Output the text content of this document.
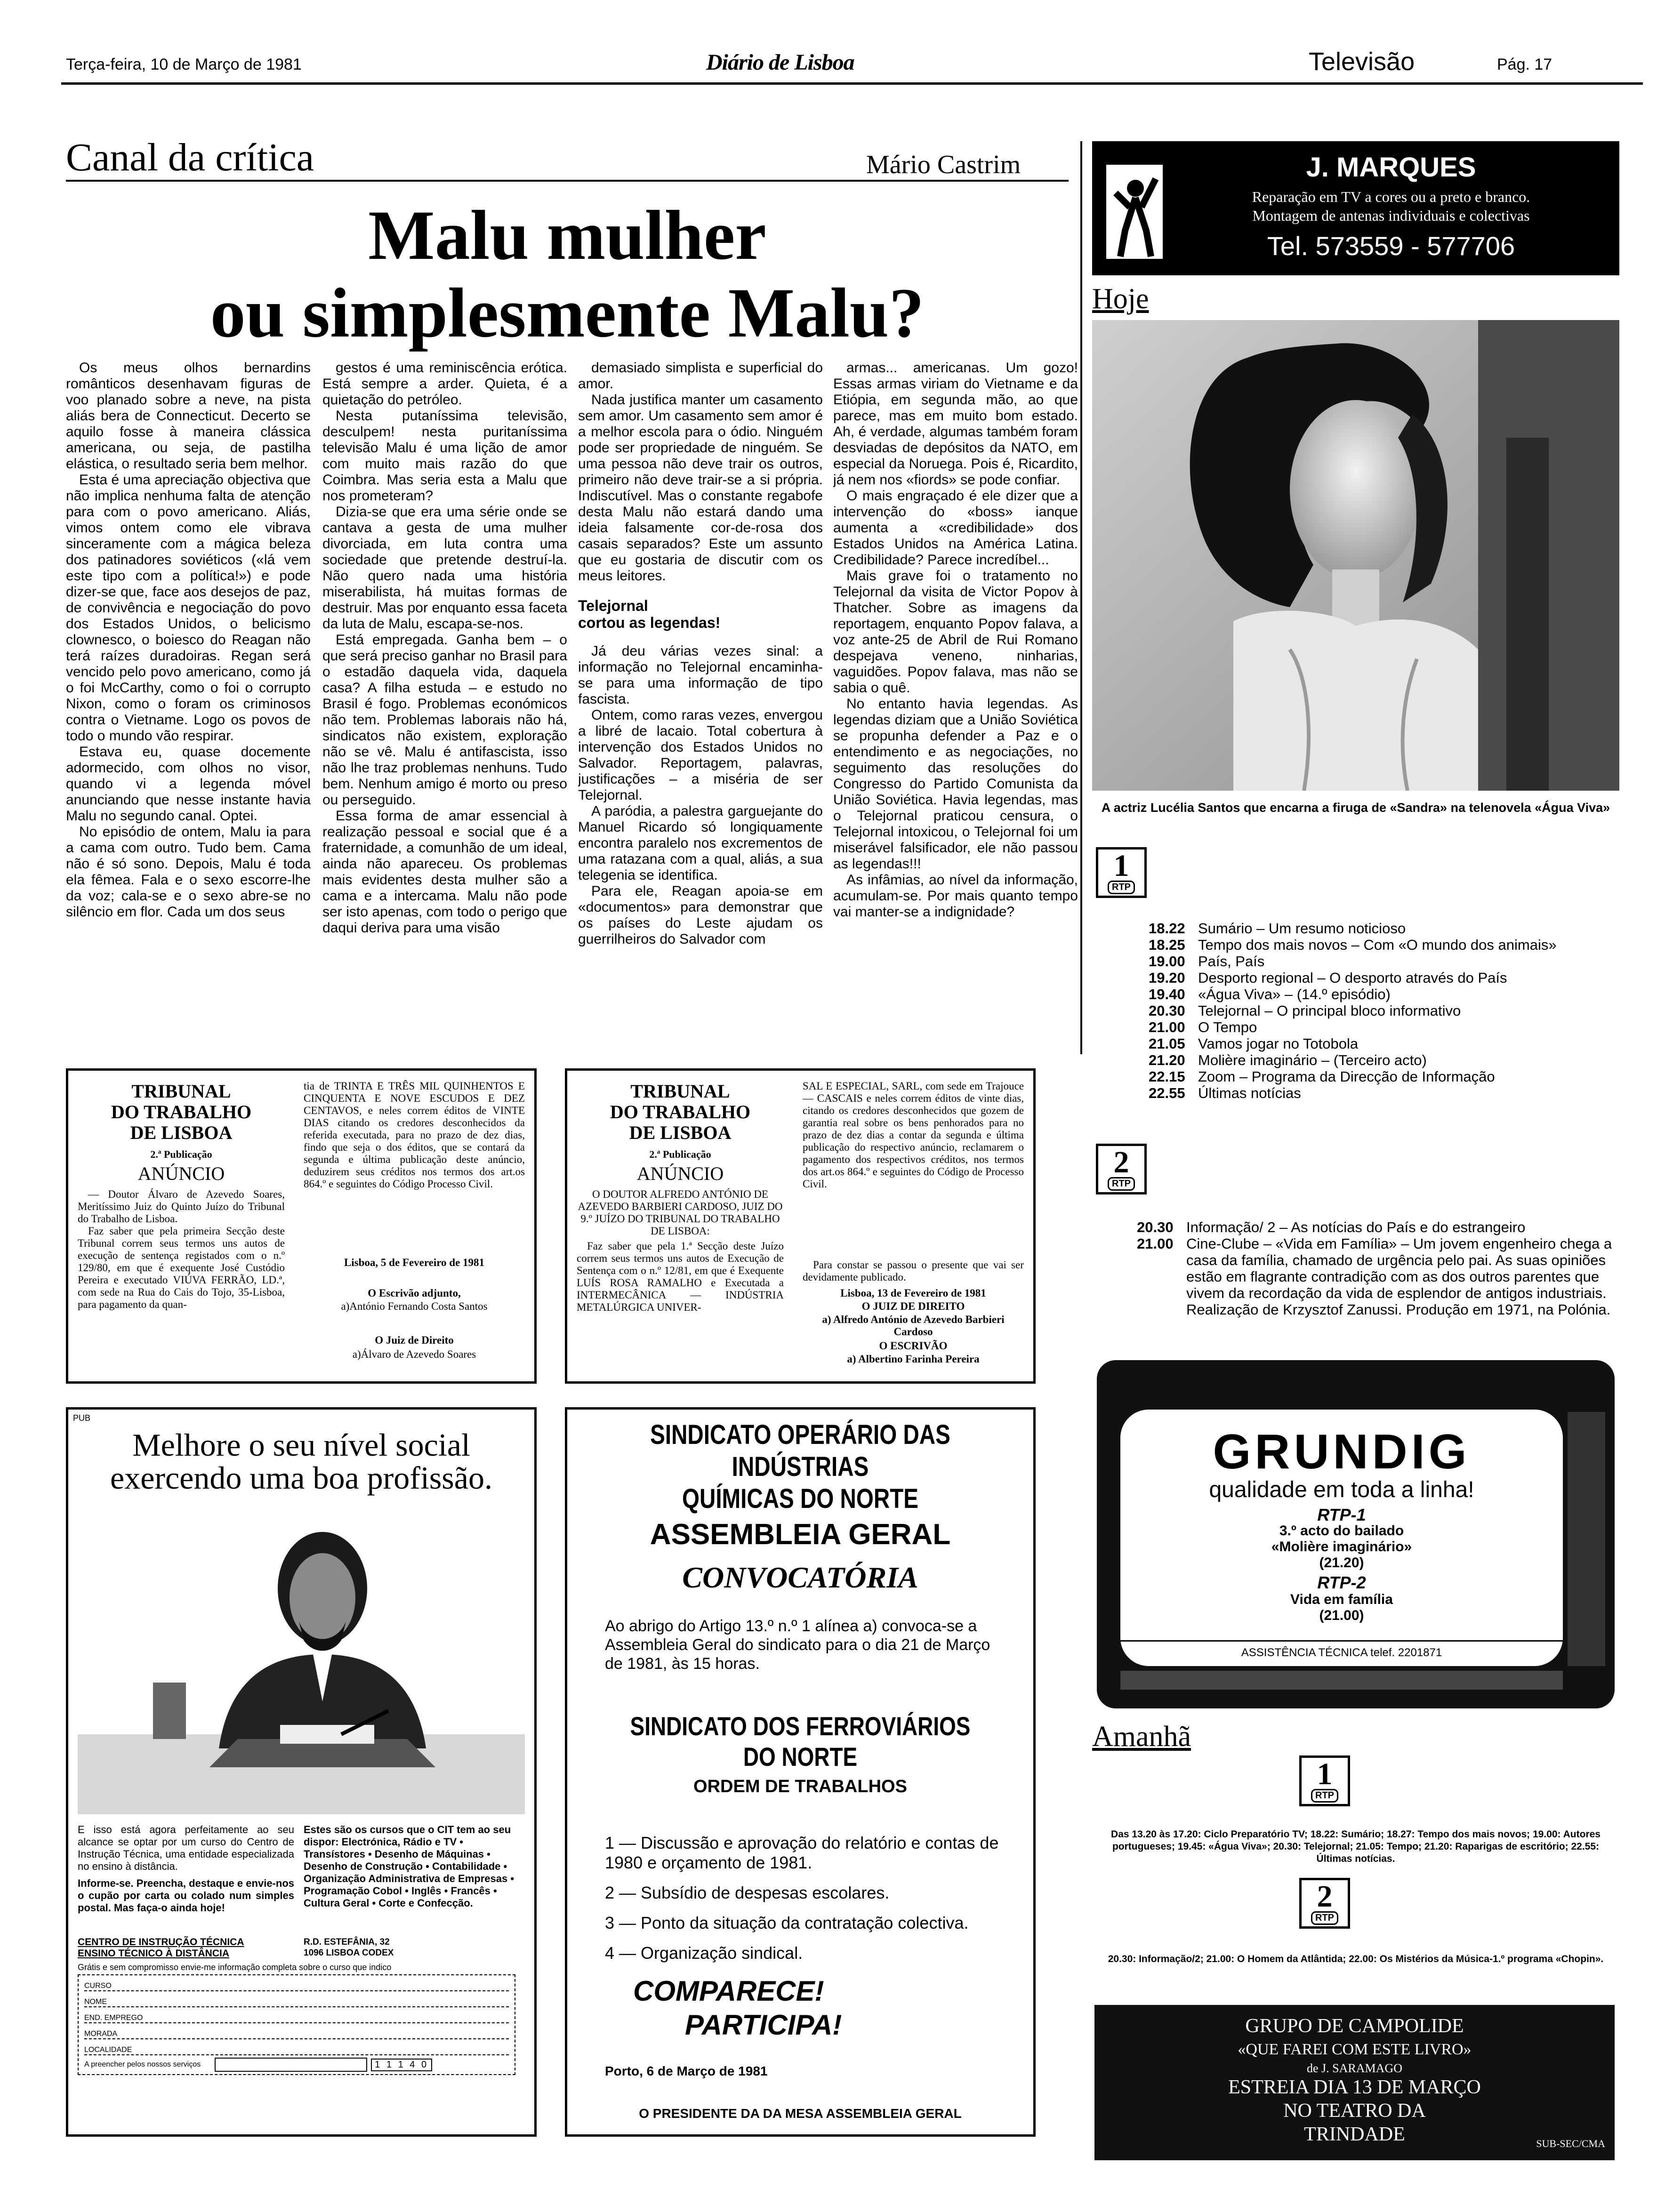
Terça-feira, 10 de Março de 1981	Diário de Lisboa	Televisão	Pág. 17
Canal da crítica	Mário Castrim
Malu mulher
ou simplesmente Malu?

Os meus olhos bernardins românticos desenhavam figuras de voo planado sobre a neve, na pista aliás bera de Connecticut. Decerto se aquilo fosse à maneira clássica americana, ou seja, de pastilha elástica, o resultado seria bem melhor.

Esta é uma apreciação objectiva que não implica nenhuma falta de atenção para com o povo americano. Aliás, vimos ontem como ele vibrava sinceramente com a mágica beleza dos patinadores soviéticos («lá vem este tipo com a política!») e pode dizer-se que, face aos desejos de paz, de convivência e negociação do povo dos Estados Unidos, o belicismo clownesco, o boiesco do Reagan não terá raízes duradoiras. Regan será vencido pelo povo americano, como já o foi McCarthy, como o foi o corrupto Nixon, como o foram os criminosos contra o Vietname. Logo os povos de todo o mundo vão respirar.

Estava eu, quase docemente adormecido, com olhos no visor, quando vi a legenda móvel anunciando que nesse instante havia Malu no segundo canal. Optei.

No episódio de ontem, Malu ia para a cama com outro. Tudo bem. Cama não é só sono. Depois, Malu é toda ela fêmea. Fala e o sexo escorre-lhe da voz; cala-se e o sexo abre-se no silêncio em flor. Cada um dos seus

gestos é uma reminiscência erótica. Está sempre a arder. Quieta, é a quietação do petróleo.

Nesta putaníssima televisão, desculpem! nesta puritaníssima televisão Malu é uma lição de amor com muito mais razão do que Coimbra. Mas seria esta a Malu que nos prometeram?

Dizia-se que era uma série onde se cantava a gesta de uma mulher divorciada, em luta contra uma sociedade que pretende destruí-la. Não quero nada uma história miserabilista, há muitas formas de destruir. Mas por enquanto essa faceta da luta de Malu, escapa-se-nos.

Está empregada. Ganha bem – o que será preciso ganhar no Brasil para o estadão daquela vida, daquela casa? A filha estuda – e estudo no Brasil é fogo. Problemas económicos não tem. Problemas laborais não há, sindicatos não existem, exploração não se vê. Malu é antifascista, isso não lhe traz problemas nenhuns. Tudo bem. Nenhum amigo é morto ou preso ou perseguido.

Essa forma de amar essencial à realização pessoal e social que é a fraternidade, a comunhão de um ideal, ainda não apareceu. Os problemas mais evidentes desta mulher são a cama e a intercama. Malu não pode ser isto apenas, com todo o perigo que daqui deriva para uma visão

demasiado simplista e superficial do amor.

Nada justifica manter um casamento sem amor. Um casamento sem amor é a melhor escola para o ódio. Ninguém pode ser propriedade de ninguém. Se uma pessoa não deve trair os outros, primeiro não deve trair-se a si própria. Indiscutível. Mas o constante regabofe desta Malu não estará dando uma ideia falsamente cor-de-rosa dos casais separados? Este um assunto que eu gostaria de discutir com os meus leitores.

Telejornal
cortou as legendas!

Já deu várias vezes sinal: a informação no Telejornal encaminha-se para uma informação de tipo fascista.

Ontem, como raras vezes, envergou a libré de lacaio. Total cobertura à intervenção dos Estados Unidos no Salvador. Reportagem, palavras, justificações – a miséria de ser Telejornal.

A paródia, a palestra garguejante do Manuel Ricardo só longiquamente encontra paralelo nos excrementos de uma ratazana com a qual, aliás, a sua telegenia se identifica.

Para ele, Reagan apoia-se em «documentos» para demonstrar que os países do Leste ajudam os guerrilheiros do Salvador com

armas... americanas. Um gozo! Essas armas viriam do Vietname e da Etiópia, em segunda mão, ao que parece, mas em muito bom estado. Ah, é verdade, algumas também foram desviadas de depósitos da NATO, em especial da Noruega. Pois é, Ricardito, já nem nos «fiords» se pode confiar.

O mais engraçado é ele dizer que a intervenção do «boss» ianque aumenta a «credibilidade» dos Estados Unidos na América Latina. Credibilidade? Parece incredíbel...

Mais grave foi o tratamento no Telejornal da visita de Victor Popov à Thatcher. Sobre as imagens da reportagem, enquanto Popov falava, a voz ante-25 de Abril de Rui Romano despejava veneno, ninharias, vaguidões. Popov falava, mas não se sabia o quê.

No entanto havia legendas. As legendas diziam que a União Soviética se propunha defender a Paz e o entendimento e as negociações, no seguimento das resoluções do Congresso do Partido Comunista da União Soviética. Havia legendas, mas o Telejornal praticou censura, o Telejornal intoxicou, o Telejornal foi um miserável falsificador, ele não passou as legendas!!!

As infâmias, ao nível da informação, acumulam-se. Por mais quanto tempo vai manter-se a indignidade?

J. MARQUES
Reparação em TV a cores ou a preto e branco.
Montagem de antenas individuais e colectivas
Tel. 573559 - 577706
Hoje
A actriz Lucélia Santos que encarna a firuga de «Sandra» na telenovela «Água Viva»
1
RTP
18.22 Sumário – Um resumo noticioso
18.25 Tempo dos mais novos – Com «O mundo dos animais»
19.00 País, País
19.20 Desporto regional – O desporto através do País
19.40 «Água Viva» – (14.º episódio)
20.30 Telejornal – O principal bloco informativo
21.00 O Tempo
21.05 Vamos jogar no Totobola
21.20 Molière imaginário – (Terceiro acto)
22.15 Zoom – Programa da Direcção de Informação
22.55 Últimas notícias
2
RTP
20.30 Informação/ 2 – As notícias do País e do estrangeiro
21.00 Cine-Clube – «Vida em Família» – Um jovem engenheiro chega a casa da família, chamado de urgência pelo pai. As suas opiniões estão em flagrante contradição com as dos outros parentes que vivem da recordação da vida de esplendor de antigos industriais. Realização de Krzysztof Zanussi. Produção em 1971, na Polónia.
TRIBUNAL
DO TRABALHO
DE LISBOA
2.ª Publicação
ANÚNCIO

— Doutor Álvaro de Azevedo Soares, Meritíssimo Juiz do Quinto Juízo do Tribunal do Trabalho de Lisboa.

Faz saber que pela primeira Secção deste Tribunal correm seus termos uns autos de execução de sentença registados com o n.º 129/80, em que é exequente José Custódio Pereira e executado VIÚVA FERRÃO, LD.ª, com sede na Rua do Cais do Tojo, 35-Lisboa, para pagamento da quan-

tia de TRINTA E TRÊS MIL QUINHENTOS E CINQUENTA E NOVE ESCUDOS E DEZ CENTAVOS, e neles correm éditos de VINTE DIAS citando os credores desconhecidos da referida executada, para no prazo de dez dias, findo que seja o dos éditos, que se contará da segunda e última publicação deste anúncio, deduzirem seus créditos nos termos dos art.os 864.º e seguintes do Código Processo Civil.
Lisboa, 5 de Fevereiro de 1981
O Escrivão adjunto,
a)António Fernando Costa Santos
O Juiz de Direito
a)Álvaro de Azevedo Soares
TRIBUNAL
DO TRABALHO
DE LISBOA
2.ª Publicação
ANÚNCIO
O DOUTOR ALFREDO ANTÓNIO DE AZEVEDO BARBIERI CARDOSO, JUIZ DO 9.º JUÍZO DO TRIBUNAL DO TRABALHO DE LISBOA:
Faz saber que pela 1.ª Secção deste Juízo correm seus termos uns autos de Execução de Sentença com o n.º 12/81, em que é Exequente LUÍS ROSA RAMALHO e Executada a INTERMECÂNICA — INDÚSTRIA METALÚRGICA UNIVER-
SAL E ESPECIAL, SARL, com sede em Trajouce — CASCAIS e neles correm éditos de vinte dias, citando os credores desconhecidos que gozem de garantia real sobre os bens penhorados para no prazo de dez dias a contar da segunda e última publicação do respectivo anúncio, reclamarem o pagamento dos respectivos créditos, nos termos dos art.os 864.º e seguintes do Código de Processo Civil.
Para constar se passou o presente que vai ser devidamente publicado.
Lisboa, 13 de Fevereiro de 1981
O JUIZ DE DIREITO
a) Alfredo António de Azevedo Barbieri Cardoso
O ESCRIVÃO
a) Albertino Farinha Pereira
GRUNDIG
qualidade em toda a linha!
RTP-1
3.º acto do bailado
«Molière imaginário»
(21.20)
RTP-2
Vida em família
(21.00)
ASSISTÊNCIA TÉCNICA telef. 2201871
Amanhã
1
RTP
Das 13.20 às 17.20: Ciclo Preparatório TV; 18.22: Sumário; 18.27: Tempo dos mais novos; 19.00: Autores portugueses; 19.45: «Água Viva»; 20.30: Telejornal; 21.05: Tempo; 21.20: Raparigas de escritório; 22.55: Últimas notícias.
2
RTP
20.30: Informação/2; 21.00: O Homem da Atlântida; 22.00: Os Mistérios da Música-1.º programa «Chopin».
GRUPO DE CAMPOLIDE
«QUE FAREI COM ESTE LIVRO»
de J. SARAMAGO
ESTREIA DIA 13 DE MARÇO
NO TEATRO DA
TRINDADE	SUB-SEC/CMA
PUB
Melhore o seu nível social
exercendo uma boa profissão.
E isso está agora perfeitamente ao seu alcance se optar por um curso do Centro de Instrução Técnica, uma entidade especializada no ensino à distância.
Informe-se. Preencha, destaque e envie-nos o cupão por carta ou colado num simples postal. Mas faça-o ainda hoje!
Estes são os cursos que o CIT tem ao seu dispor: Electrónica, Rádio e TV • Transístores • Desenho de Máquinas • Desenho de Construção • Contabilidade • Organização Administrativa de Empresas • Programação Cobol • Inglês • Francês • Cultura Geral • Corte e Confecção.
CENTRO DE INSTRUÇÃO TÉCNICA
ENSINO TÉCNICO À DISTÂNCIA
R.D. ESTEFÂNIA, 32
1096 LISBOA CODEX
Grátis e sem compromisso envie-me informação completa sobre o curso que indico
CURSO
NOME
END. EMPREGO
MORADA
LOCALIDADE
A preencher pelos nossos serviços	1 1 1 4 0
SINDICATO OPERÁRIO DAS INDÚSTRIAS
QUÍMICAS DO NORTE
ASSEMBLEIA GERAL
CONVOCATÓRIA
Ao abrigo do Artigo 13.º n.º 1 alínea a) convoca-se a Assembleia Geral do sindicato para o dia 21 de Março de 1981, às 15 horas.
SINDICATO DOS FERROVIÁRIOS DO NORTE
ORDEM DE TRABALHOS
1 — Discussão e aprovação do relatório e contas de 1980 e orçamento de 1981.
2 — Subsídio de despesas escolares.
3 — Ponto da situação da contratação colectiva.
4 — Organização sindical.
COMPARECE!
PARTICIPA!
Porto, 6 de Março de 1981
O PRESIDENTE DA DA MESA ASSEMBLEIA GERAL
